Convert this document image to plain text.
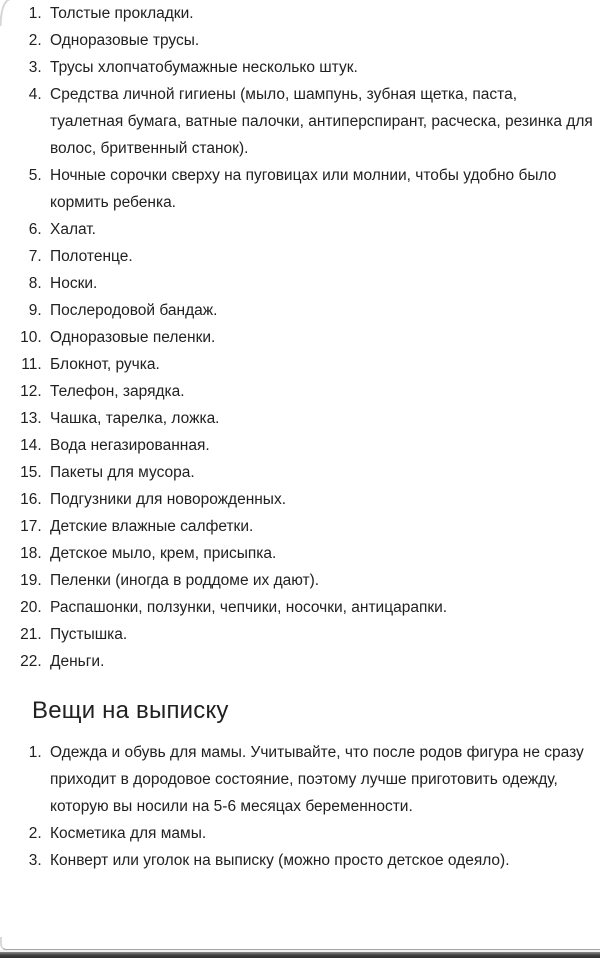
1. Толстые прокладки.
2. Одноразовые трусы.
3. Трусы хлопчатобумажные несколько штук.
4. Средства личной гигиены (мыло, шампунь, зубная щетка, паста, туалетная бумага, ватные палочки, антиперспирант, расческа, резинка для волос, бритвенный станок).
5. Ночные сорочки сверху на пуговицах или молнии, чтобы удобно было кормить ребенка.
6. Халат.
7. Полотенце.
8. Носки.
9. Послеродовой бандаж.
10. Одноразовые пеленки.
11. Блокнот, ручка.
12. Телефон, зарядка.
13. Чашка, тарелка, ложка.
14. Вода негазированная.
15. Пакеты для мусора.
16. Подгузники для новорожденных.
17. Детские влажные салфетки.
18. Детское мыло, крем, присыпка.
19. Пеленки (иногда в роддоме их дают).
20. Распашонки, ползунки, чепчики, носочки, антицарапки.
21. Пустышка.
22. Деньги.
Вещи на выписку
1. Одежда и обувь для мамы. Учитывайте, что после родов фигура не сразу приходит в дородовое состояние, поэтому лучше приготовить одежду, которую вы носили на 5-6 месяцах беременности.
2. Косметика для мамы.
3. Конверт или уголок на выписку (можно просто детское одеяло).
